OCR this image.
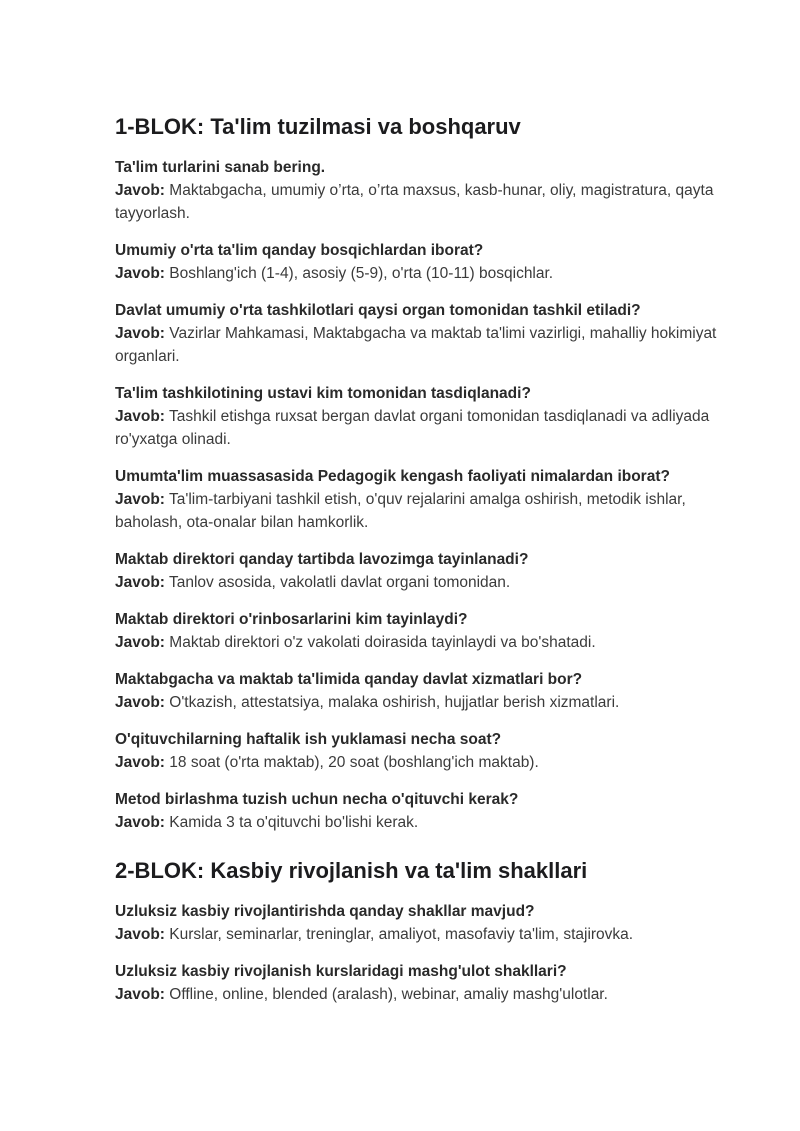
1-BLOK: Ta'lim tuzilmasi va boshqaruv
Ta'lim turlarini sanab bering.
Javob: Maktabgacha, umumiy o’rta, o’rta maxsus, kasb-hunar, oliy, magistratura, qayta tayyorlash.
Umumiy o'rta ta'lim qanday bosqichlardan iborat?
Javob: Boshlang'ich (1-4), asosiy (5-9), o'rta (10-11) bosqichlar.
Davlat umumiy o'rta tashkilotlari qaysi organ tomonidan tashkil etiladi?
Javob: Vazirlar Mahkamasi, Maktabgacha va maktab ta'limi vazirligi, mahalliy hokimiyat organlari.
Ta'lim tashkilotining ustavi kim tomonidan tasdiqlanadi?
Javob: Tashkil etishga ruxsat bergan davlat organi tomonidan tasdiqlanadi va adliyada ro'yxatga olinadi.
Umumta'lim muassasasida Pedagogik kengash faoliyati nimalardan iborat?
Javob: Ta'lim-tarbiyani tashkil etish, o'quv rejalarini amalga oshirish, metodik ishlar, baholash, ota-onalar bilan hamkorlik.
Maktab direktori qanday tartibda lavozimga tayinlanadi?
Javob: Tanlov asosida, vakolatli davlat organi tomonidan.
Maktab direktori o'rinbosarlarini kim tayinlaydi?
Javob: Maktab direktori o'z vakolati doirasida tayinlaydi va bo'shatadi.
Maktabgacha va maktab ta'limida qanday davlat xizmatlari bor?
Javob: O'tkazish, attestatsiya, malaka oshirish, hujjatlar berish xizmatlari.
O'qituvchilarning haftalik ish yuklamasi necha soat?
Javob: 18 soat (o'rta maktab), 20 soat (boshlang'ich maktab).
Metod birlashma tuzish uchun necha o'qituvchi kerak?
Javob: Kamida 3 ta o'qituvchi bo'lishi kerak.
2-BLOK: Kasbiy rivojlanish va ta'lim shakllari
Uzluksiz kasbiy rivojlantirishda qanday shakllar mavjud?
Javob: Kurslar, seminarlar, treninglar, amaliyot, masofaviy ta'lim, stajirovka.
Uzluksiz kasbiy rivojlanish kurslaridagi mashg'ulot shakllari?
Javob: Offline, online, blended (aralash), webinar, amaliy mashg'ulotlar.
